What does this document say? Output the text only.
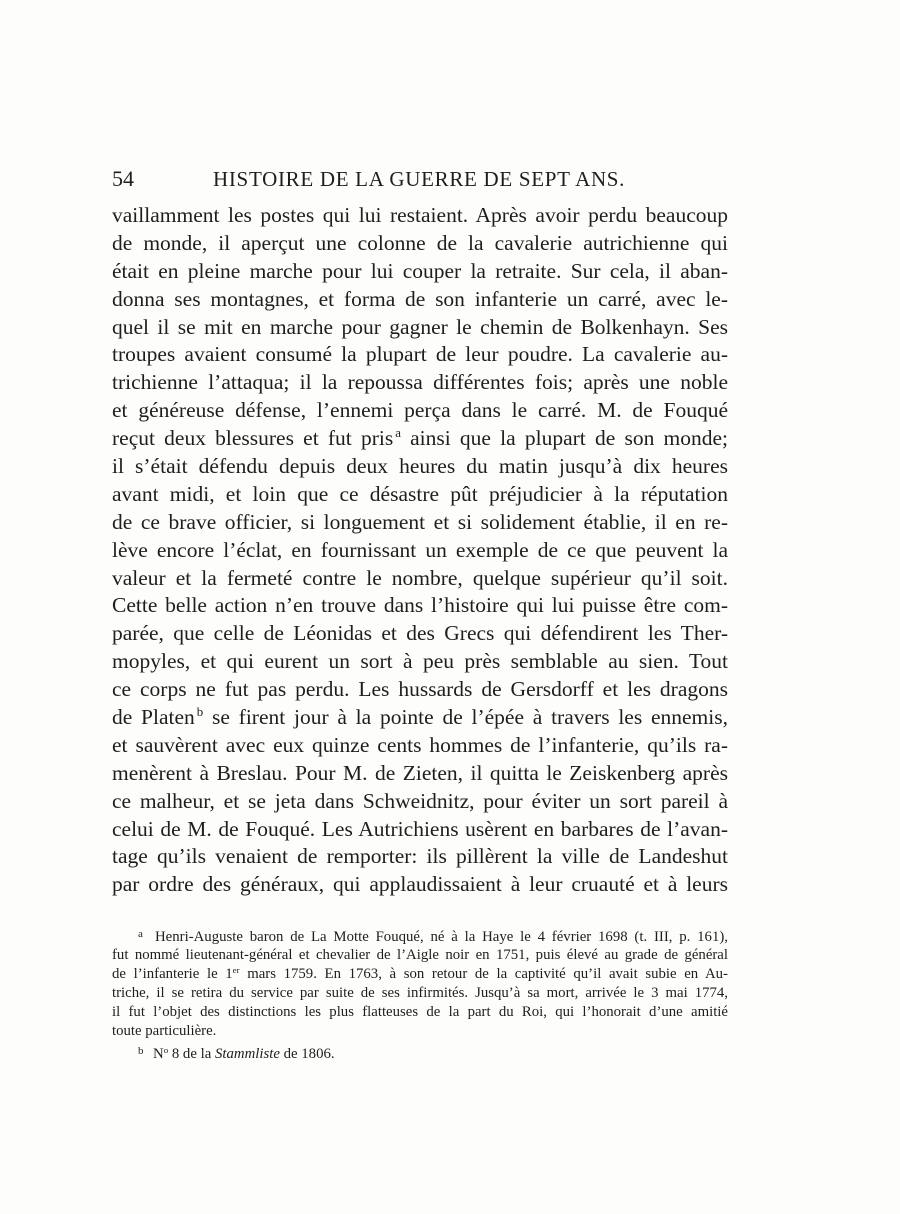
54	HISTOIRE DE LA GUERRE DE SEPT ANS.
vaillamment les postes qui lui restaient. Après avoir perdu beaucoup
de monde, il aperçut une colonne de la cavalerie autrichienne qui
était en pleine marche pour lui couper la retraite. Sur cela, il aban-
donna ses montagnes, et forma de son infanterie un carré, avec le-
quel il se mit en marche pour gagner le chemin de Bolkenhayn. Ses
troupes avaient consumé la plupart de leur poudre. La cavalerie au-
trichienne l’attaqua; il la repoussa différentes fois; après une noble
et généreuse défense, l’ennemi perça dans le carré. M. de Fouqué
reçut deux blessures et fut pris $^a$ ainsi que la plupart de son monde;
il s’était défendu depuis deux heures du matin jusqu’à dix heures
avant midi, et loin que ce désastre pût préjudicier à la réputation
de ce brave officier, si longuement et si solidement établie, il en re-
lève encore l’éclat, en fournissant un exemple de ce que peuvent la
valeur et la fermeté contre le nombre, quelque supérieur qu’il soit.
Cette belle action n’en trouve dans l’histoire qui lui puisse être com-
parée, que celle de Léonidas et des Grecs qui défendirent les Ther-
mopyles, et qui eurent un sort à peu près semblable au sien. Tout
ce corps ne fut pas perdu. Les hussards de Gersdorff et les dragons
de Platen $^b$ se firent jour à la pointe de l’épée à travers les ennemis,
et sauvèrent avec eux quinze cents hommes de l’infanterie, qu’ils ra-
menèrent à Breslau. Pour M. de Zieten, il quitta le Zeiskenberg après
ce malheur, et se jeta dans Schweidnitz, pour éviter un sort pareil à
celui de M. de Fouqué. Les Autrichiens usèrent en barbares de l’avan-
tage qu’ils venaient de remporter: ils pillèrent la ville de Landeshut
par ordre des généraux, qui applaudissaient à leur cruauté et à leurs
a Henri-Auguste baron de La Motte Fouqué, né à la Haye le 4 février 1698 (t. III, p. 161),
fut nommé lieutenant-général et chevalier de l’Aigle noir en 1751, puis élevé au grade de général
de l’infanterie le 1er mars 1759. En 1763, à son retour de la captivité qu’il avait subie en Au-
triche, il se retira du service par suite de ses infirmités. Jusqu’à sa mort, arrivée le 3 mai 1774,
il fut l’objet des distinctions les plus flatteuses de la part du Roi, qui l’honorait d’une amitié
toute particulière.
b $N^o$ 8 de la Stammliste de 1806.
